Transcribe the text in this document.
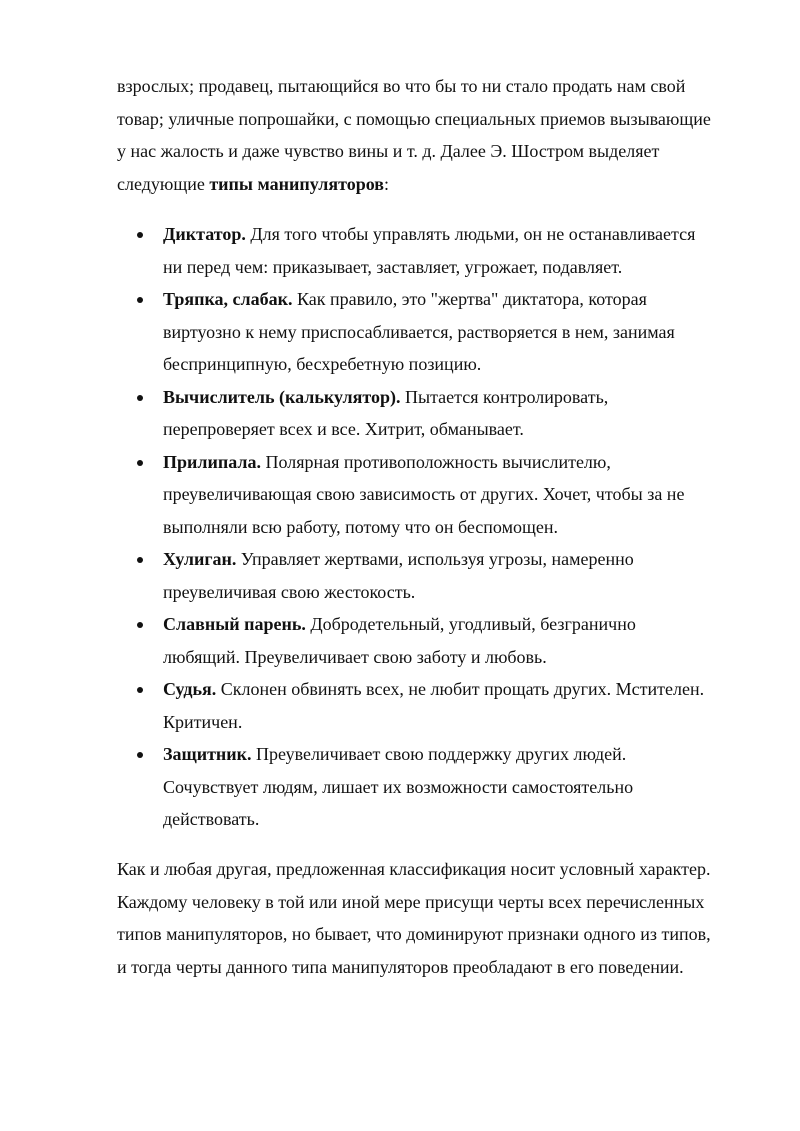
взрослых; продавец, пытающийся во что бы то ни стало продать нам свой
товар; уличные попрошайки, с помощью специальных приемов вызывающие
у нас жалость и даже чувство вины и т. д. Далее Э. Шостром выделяет
следующие типы манипуляторов:

Диктатор. Для того чтобы управлять людьми, он не останавливается
ни перед чем: приказывает, заставляет, угрожает, подавляет.
Тряпка, слабак. Как правило, это "жертва" диктатора, которая
виртуозно к нему приспосабливается, растворяется в нем, занимая
беспринципную, бесхребетную позицию.
Вычислитель (калькулятор). Пытается контролировать,
перепроверяет всех и все. Хитрит, обманывает.
Прилипала. Полярная противоположность вычислителю,
преувеличивающая свою зависимость от других. Хочет, чтобы за не
выполняли всю работу, потому что он беспомощен.
Хулиган. Управляет жертвами, используя угрозы, намеренно
преувеличивая свою жестокость.
Славный парень. Добродетельный, угодливый, безгранично
любящий. Преувеличивает свою заботу и любовь.
Судья. Склонен обвинять всех, не любит прощать других. Мстителен.
Критичен.
Защитник. Преувеличивает свою поддержку других людей.
Сочувствует людям, лишает их возможности самостоятельно
действовать.

Как и любая другая, предложенная классификация носит условный характер.
Каждому человеку в той или иной мере присущи черты всех перечисленных
типов манипуляторов, но бывает, что доминируют признаки одного из типов,
и тогда черты данного типа манипуляторов преобладают в его поведении.
